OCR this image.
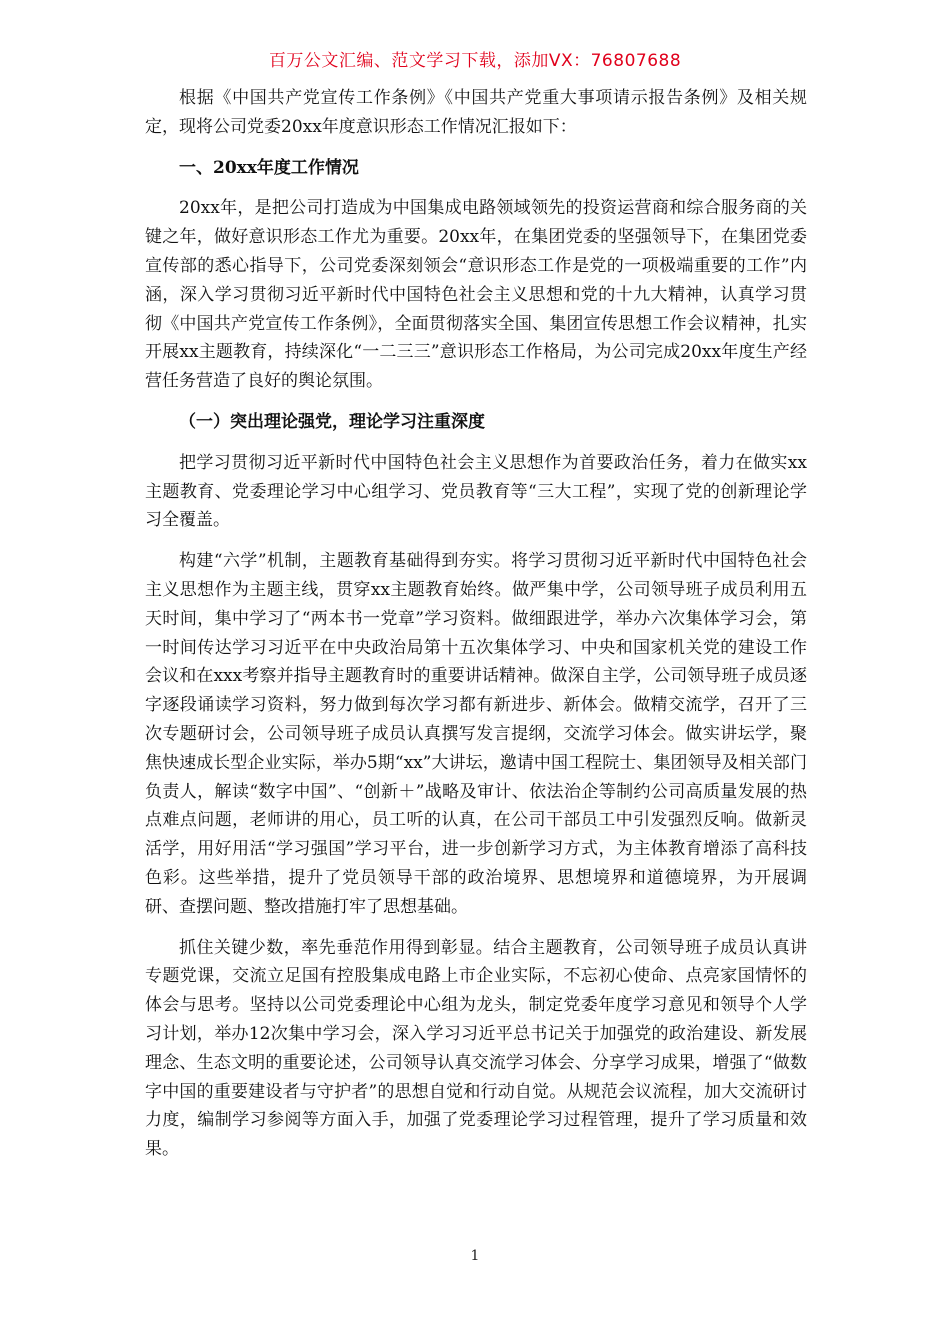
百万公文汇编、范文学习下载，添加VX：76807688

根据《中国共产党宣传工作条例》《中国共产党重大事项请示报告条例》及相关规定，现将公司党委20xx年度意识形态工作情况汇报如下：

一、20xx年度工作情况

20xx年，是把公司打造成为中国集成电路领域领先的投资运营商和综合服务商的关键之年，做好意识形态工作尤为重要。20xx年，在集团党委的坚强领导下，在集团党委宣传部的悉心指导下，公司党委深刻领会“意识形态工作是党的一项极端重要的工作”内涵，深入学习贯彻习近平新时代中国特色社会主义思想和党的十九大精神，认真学习贯彻《中国共产党宣传工作条例》，全面贯彻落实全国、集团宣传思想工作会议精神，扎实开展xx主题教育，持续深化“一二三三”意识形态工作格局，为公司完成20xx年度生产经营任务营造了良好的舆论氛围。

（一）突出理论强党，理论学习注重深度

把学习贯彻习近平新时代中国特色社会主义思想作为首要政治任务，着力在做实xx主题教育、党委理论学习中心组学习、党员教育等“三大工程”，实现了党的创新理论学习全覆盖。

构建“六学”机制，主题教育基础得到夯实。将学习贯彻习近平新时代中国特色社会主义思想作为主题主线，贯穿xx主题教育始终。做严集中学，公司领导班子成员利用五天时间，集中学习了“两本书一党章”学习资料。做细跟进学，举办六次集体学习会，第一时间传达学习习近平在中央政治局第十五次集体学习、中央和国家机关党的建设工作会议和在xxx考察并指导主题教育时的重要讲话精神。做深自主学，公司领导班子成员逐字逐段诵读学习资料，努力做到每次学习都有新进步、新体会。做精交流学，召开了三次专题研讨会，公司领导班子成员认真撰写发言提纲，交流学习体会。做实讲坛学，聚焦快速成长型企业实际，举办5期“xx”大讲坛，邀请中国工程院士、集团领导及相关部门负责人，解读“数字中国”、“创新＋”战略及审计、依法治企等制约公司高质量发展的热点难点问题，老师讲的用心，员工听的认真，在公司干部员工中引发强烈反响。做新灵活学，用好用活“学习强国”学习平台，进一步创新学习方式，为主体教育增添了高科技色彩。这些举措，提升了党员领导干部的政治境界、思想境界和道德境界，为开展调研、查摆问题、整改措施打牢了思想基础。

抓住关键少数，率先垂范作用得到彰显。结合主题教育，公司领导班子成员认真讲专题党课，交流立足国有控股集成电路上市企业实际，不忘初心使命、点亮家国情怀的体会与思考。坚持以公司党委理论中心组为龙头，制定党委年度学习意见和领导个人学习计划，举办12次集中学习会，深入学习习近平总书记关于加强党的政治建设、新发展理念、生态文明的重要论述，公司领导认真交流学习体会、分享学习成果，增强了“做数字中国的重要建设者与守护者”的思想自觉和行动自觉。从规范会议流程，加大交流研讨力度，编制学习参阅等方面入手，加强了党委理论学习过程管理，提升了学习质量和效果。

1
